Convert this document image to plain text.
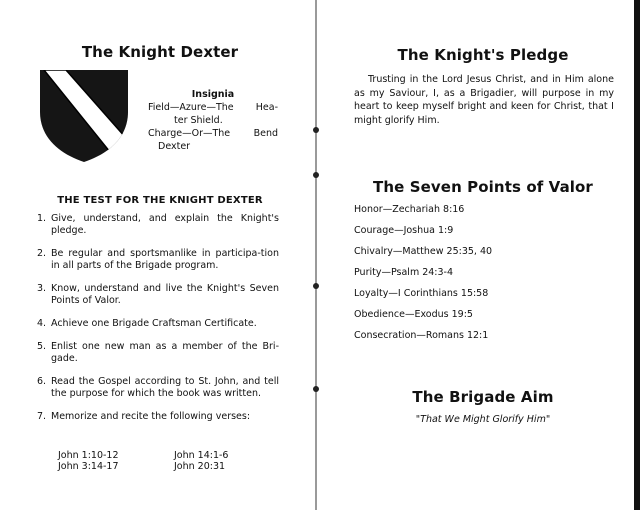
The Knight Dexter
Insignia
Field—Azure—The Hea-
ter Shield.
Charge—Or—The Bend
Dexter
THE TEST FOR THE KNIGHT DEXTER
1. Give, understand, and explain the Knight's pledge.
2. Be regular and sportsmanlike in participa-tion in all parts of the Brigade program.
3. Know, understand and live the Knight's Seven Points of Valor.
4. Achieve one Brigade Craftsman Certificate.
5. Enlist one new man as a member of the Bri-gade.
6. Read the Gospel according to St. John, and tell the purpose for which the book was written.
7. Memorize and recite the following verses:
John 1:10-12	John 14:1-6
John 3:14-17	John 20:31
The Knight's Pledge

Trusting in the Lord Jesus Christ, and in Him alone as my Saviour, I, as a Brigadier, will purpose in my heart to keep myself bright and keen for Christ, that I might glorify Him.

The Seven Points of Valor
Honor—Zechariah 8:16
Courage—Joshua 1:9
Chivalry—Matthew 25:35, 40
Purity—Psalm 24:3-4
Loyalty—I Corinthians 15:58
Obedience—Exodus 19:5
Consecration—Romans 12:1
The Brigade Aim
"That We Might Glorify Him"
